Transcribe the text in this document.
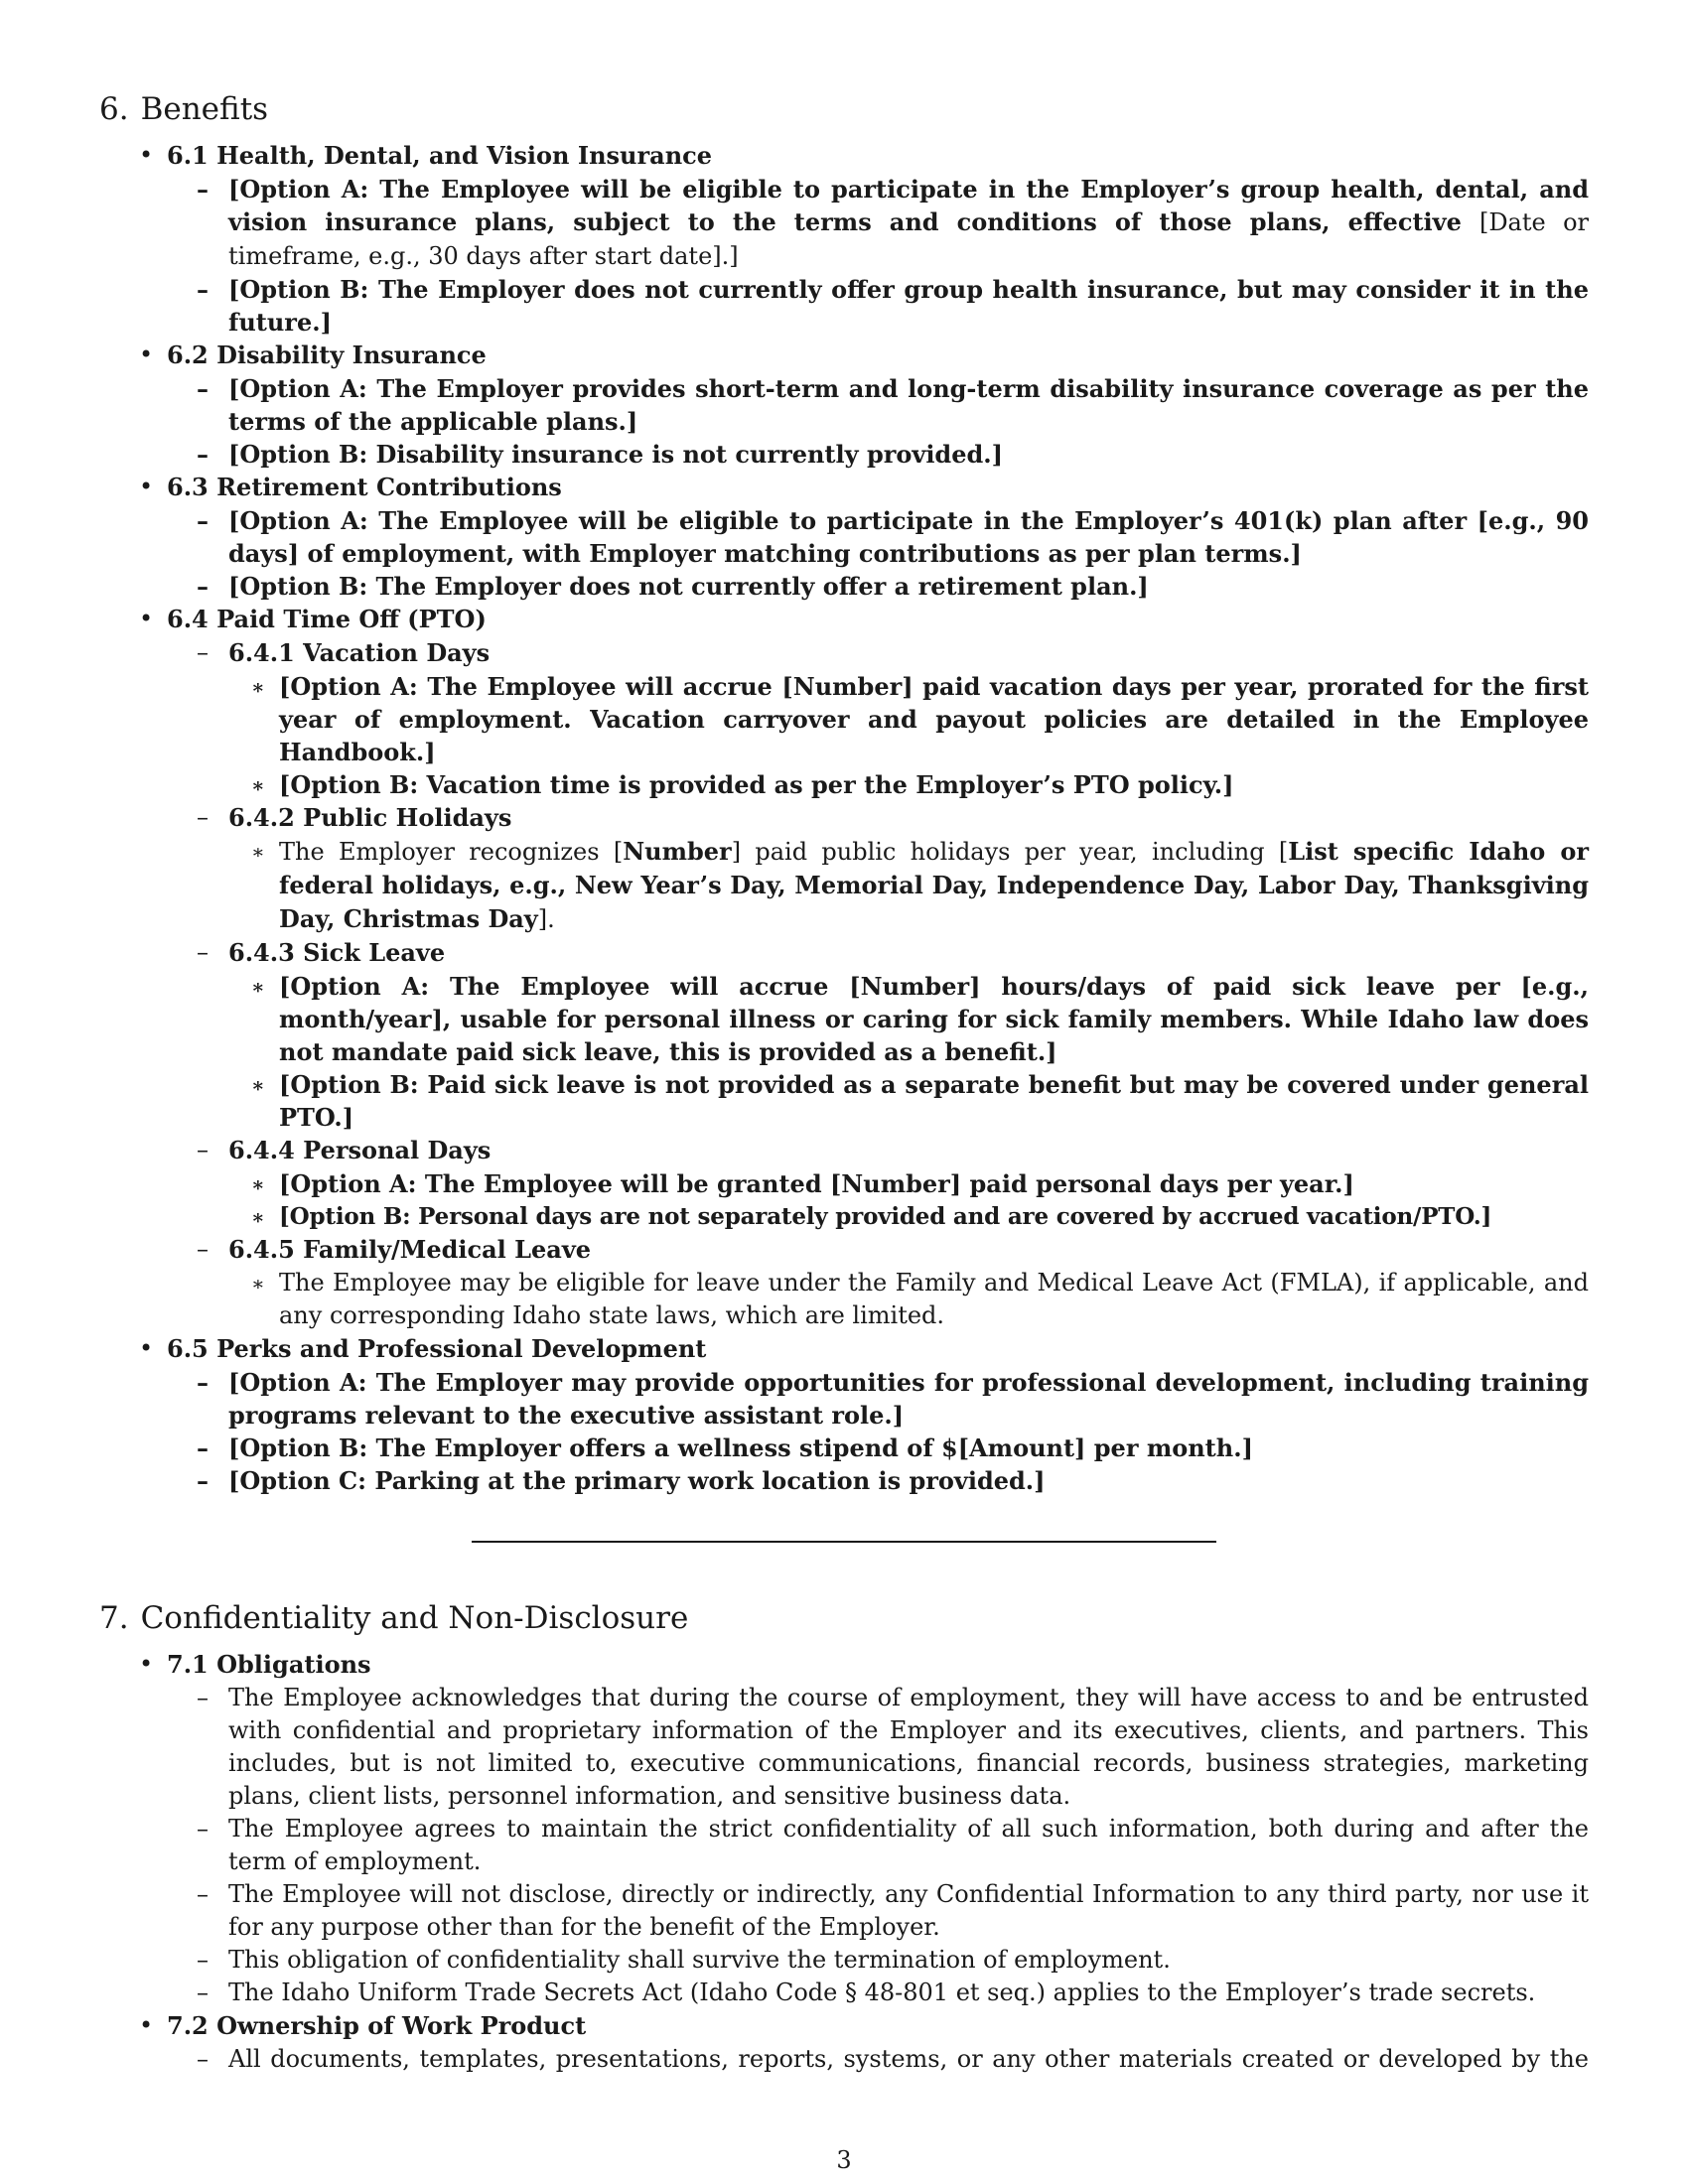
6. Benefits
• 6.1 Health, Dental, and Vision Insurance
– [Option A: The Employee will be eligible to participate in the Employer’s group health, dental, and vision insurance plans, subject to the terms and conditions of those plans, effective [Date or timeframe, e.g., 30 days after start date].]
– [Option B: The Employer does not currently offer group health insurance, but may consider it in the future.]
• 6.2 Disability Insurance
– [Option A: The Employer provides short-term and long-term disability insurance coverage as per the terms of the applicable plans.]
– [Option B: Disability insurance is not currently provided.]
• 6.3 Retirement Contributions
– [Option A: The Employee will be eligible to participate in the Employer’s 401(k) plan after [e.g., 90 days] of employment, with Employer matching contributions as per plan terms.]
– [Option B: The Employer does not currently offer a retirement plan.]
• 6.4 Paid Time Off (PTO)
– 6.4.1 Vacation Days
∗ [Option A: The Employee will accrue [Number] paid vacation days per year, prorated for the first year of employment. Vacation carryover and payout policies are detailed in the Employee Handbook.]
∗ [Option B: Vacation time is provided as per the Employer’s PTO policy.]
– 6.4.2 Public Holidays
∗ The Employer recognizes [Number] paid public holidays per year, including [List specific Idaho or federal holidays, e.g., New Year’s Day, Memorial Day, Independence Day, Labor Day, Thanksgiving Day, Christmas Day].
– 6.4.3 Sick Leave
∗ [Option A: The Employee will accrue [Number] hours/days of paid sick leave per [e.g., month/year], usable for personal illness or caring for sick family members. While Idaho law does not mandate paid sick leave, this is provided as a benefit.]
∗ [Option B: Paid sick leave is not provided as a separate benefit but may be covered under general PTO.]
– 6.4.4 Personal Days
∗ [Option A: The Employee will be granted [Number] paid personal days per year.]
∗ [Option B: Personal days are not separately provided and are covered by accrued vacation/PTO.]
– 6.4.5 Family/Medical Leave
∗ The Employee may be eligible for leave under the Family and Medical Leave Act (FMLA), if applicable, and any corresponding Idaho state laws, which are limited.
• 6.5 Perks and Professional Development
– [Option A: The Employer may provide opportunities for professional development, including training programs relevant to the executive assistant role.]
– [Option B: The Employer offers a wellness stipend of $[Amount] per month.]
– [Option C: Parking at the primary work location is provided.]
7. Confidentiality and Non-Disclosure
• 7.1 Obligations
– The Employee acknowledges that during the course of employment, they will have access to and be entrusted with confidential and proprietary information of the Employer and its executives, clients, and partners. This includes, but is not limited to, executive communications, financial records, business strategies, marketing plans, client lists, personnel information, and sensitive business data.
– The Employee agrees to maintain the strict confidentiality of all such information, both during and after the term of employment.
– The Employee will not disclose, directly or indirectly, any Confidential Information to any third party, nor use it for any purpose other than for the benefit of the Employer.
– This obligation of confidentiality shall survive the termination of employment.
– The Idaho Uniform Trade Secrets Act (Idaho Code § 48-801 et seq.) applies to the Employer’s trade secrets.
• 7.2 Ownership of Work Product
– All documents, templates, presentations, reports, systems, or any other materials created or developed by the
3
